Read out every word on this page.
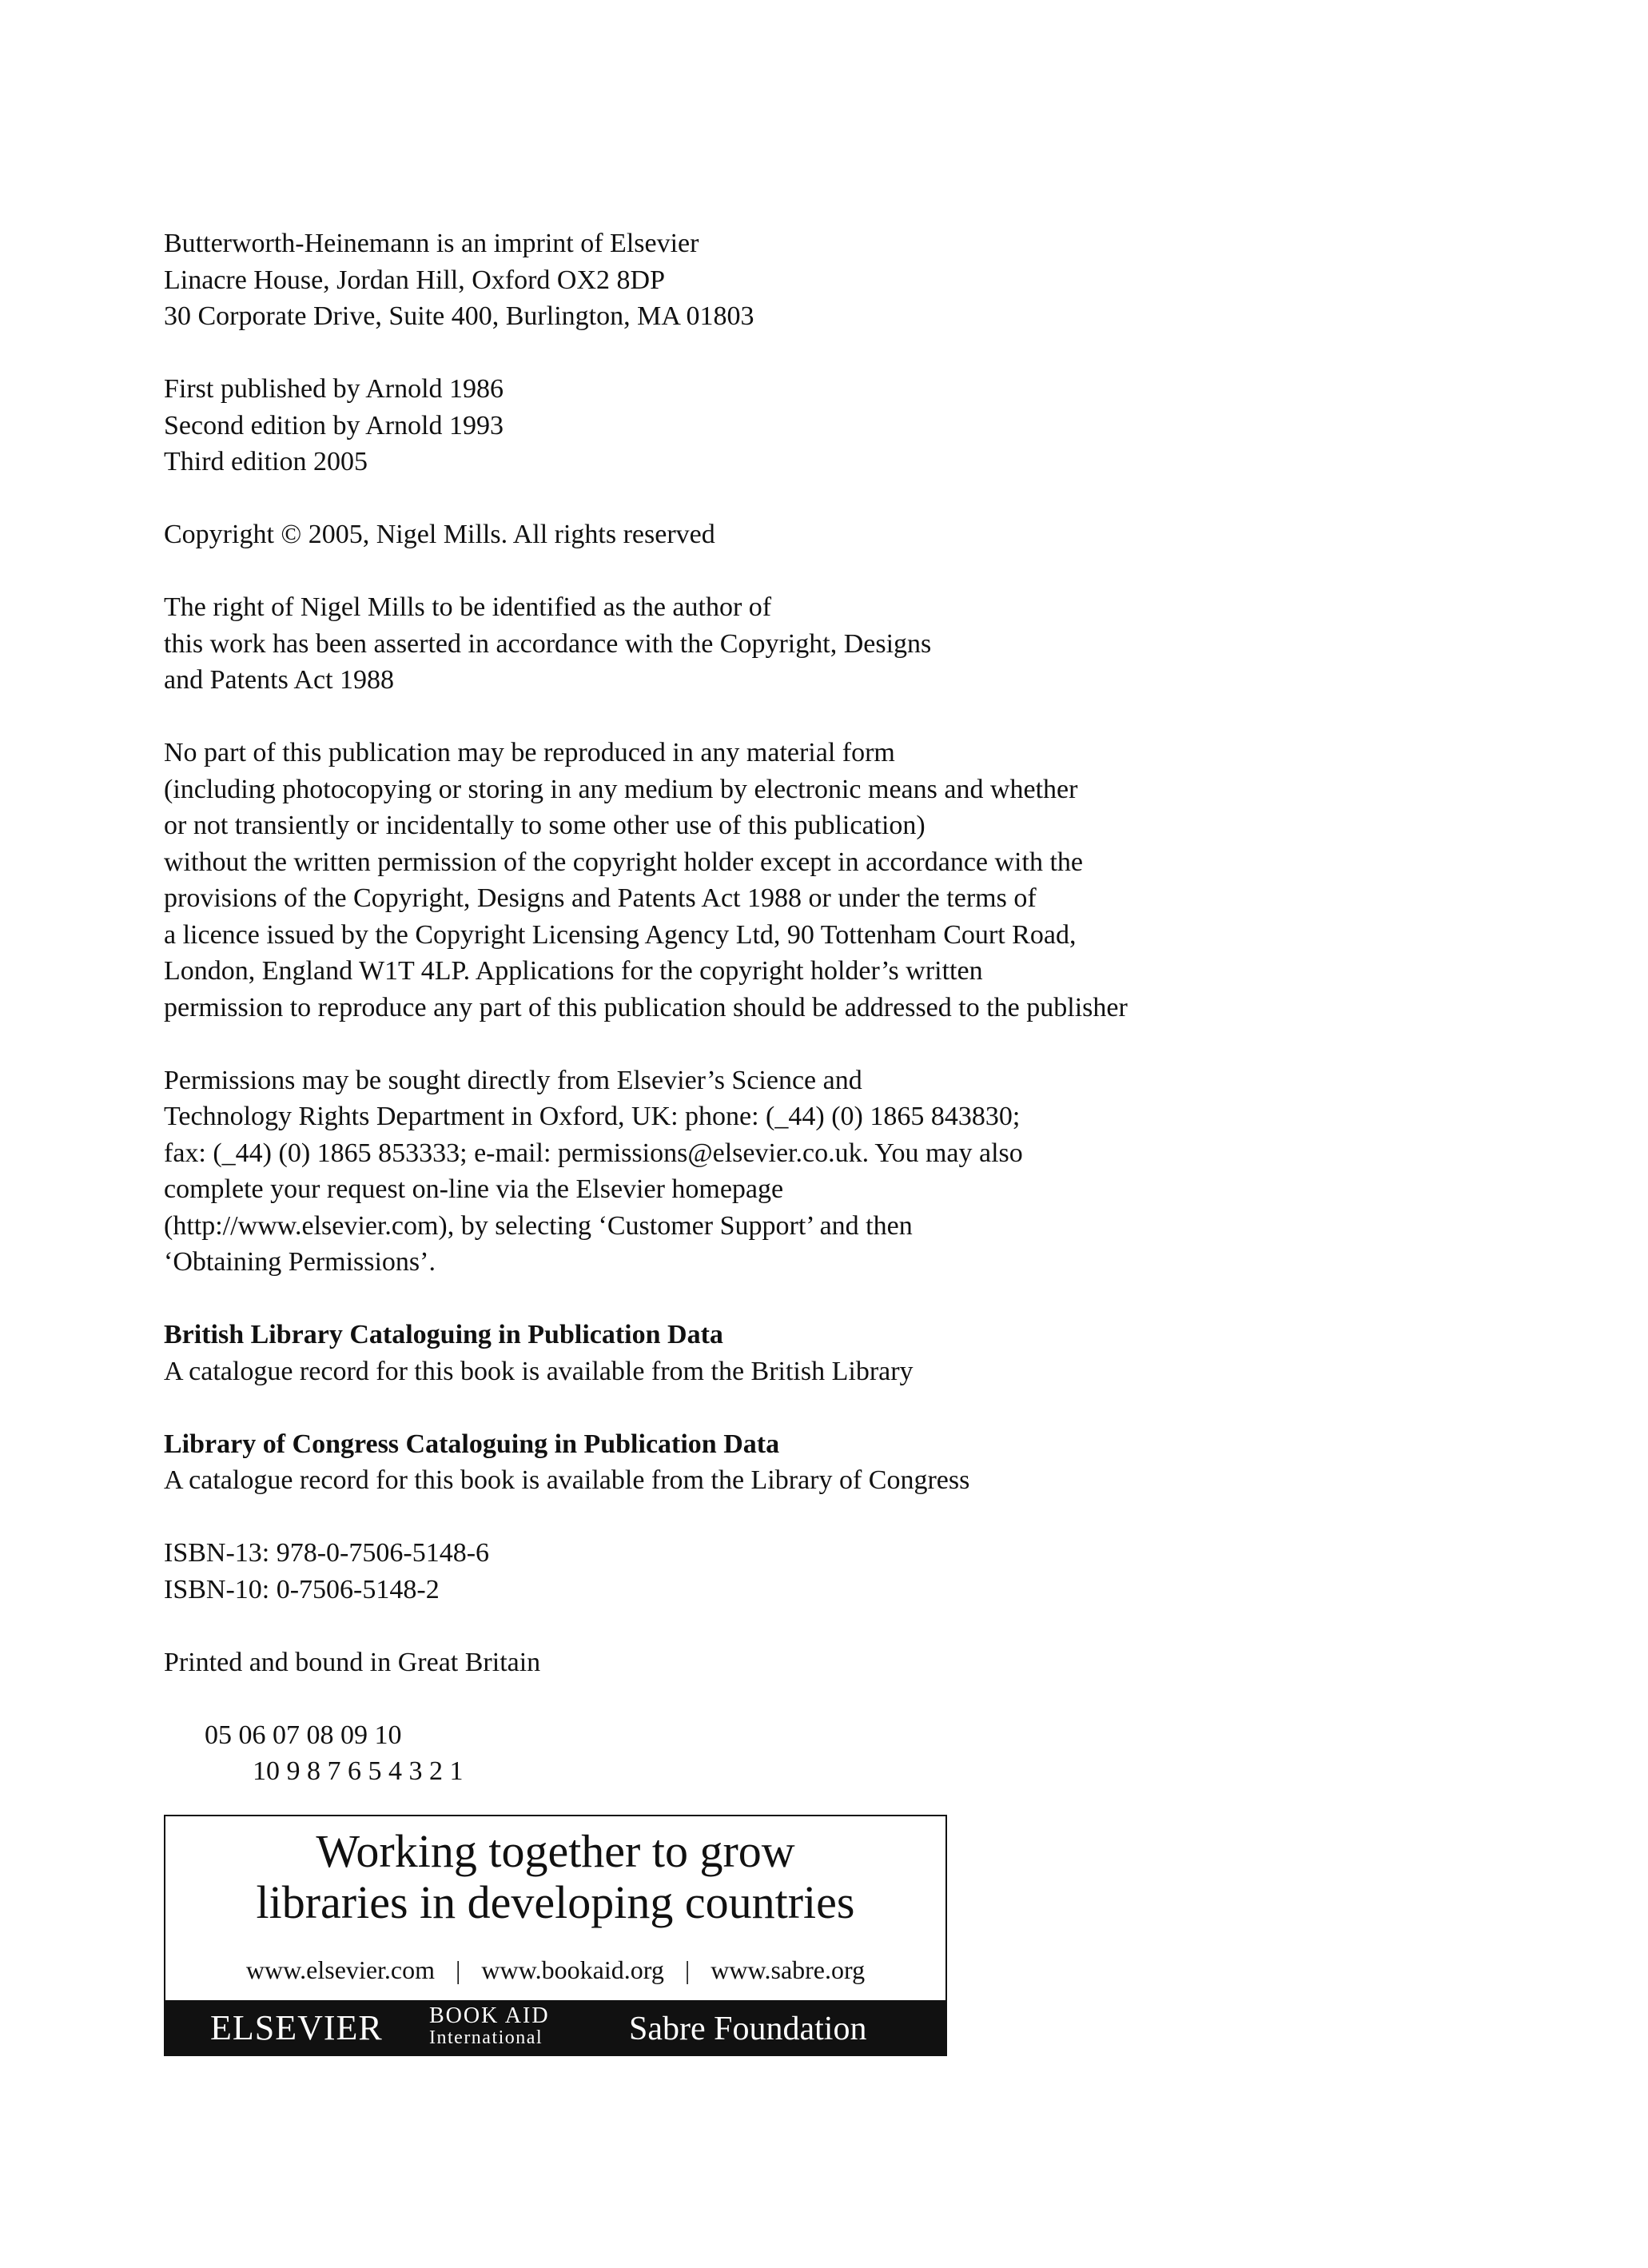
Butterworth-Heinemann is an imprint of Elsevier
Linacre House, Jordan Hill, Oxford OX2 8DP
30 Corporate Drive, Suite 400, Burlington, MA 01803
First published by Arnold 1986
Second edition by Arnold 1993
Third edition 2005
Copyright © 2005, Nigel Mills. All rights reserved
The right of Nigel Mills to be identified as the author of
this work has been asserted in accordance with the Copyright, Designs
and Patents Act 1988
No part of this publication may be reproduced in any material form
(including photocopying or storing in any medium by electronic means and whether
or not transiently or incidentally to some other use of this publication)
without the written permission of the copyright holder except in accordance with the
provisions of the Copyright, Designs and Patents Act 1988 or under the terms of
a licence issued by the Copyright Licensing Agency Ltd, 90 Tottenham Court Road,
London, England W1T 4LP. Applications for the copyright holder’s written
permission to reproduce any part of this publication should be addressed to the publisher
Permissions may be sought directly from Elsevier’s Science and
Technology Rights Department in Oxford, UK: phone: (_44) (0) 1865 843830;
fax: (_44) (0) 1865 853333; e-mail: permissions@elsevier.co.uk. You may also
complete your request on-line via the Elsevier homepage
(http://www.elsevier.com), by selecting ‘Customer Support’ and then
‘Obtaining Permissions’.
British Library Cataloguing in Publication Data
A catalogue record for this book is available from the British Library
Library of Congress Cataloguing in Publication Data
A catalogue record for this book is available from the Library of Congress
ISBN-13: 978-0-7506-5148-6
ISBN-10: 0-7506-5148-2
Printed and bound in Great Britain

05 06 07 08 09 10
10 9 8 7 6 5 4 3 2 1

Working together to grow
libraries in developing countries
www.elsevier.com | www.bookaid.org | www.sabre.org
ELSEVIER BOOK AID
International	Sabre Foundation
